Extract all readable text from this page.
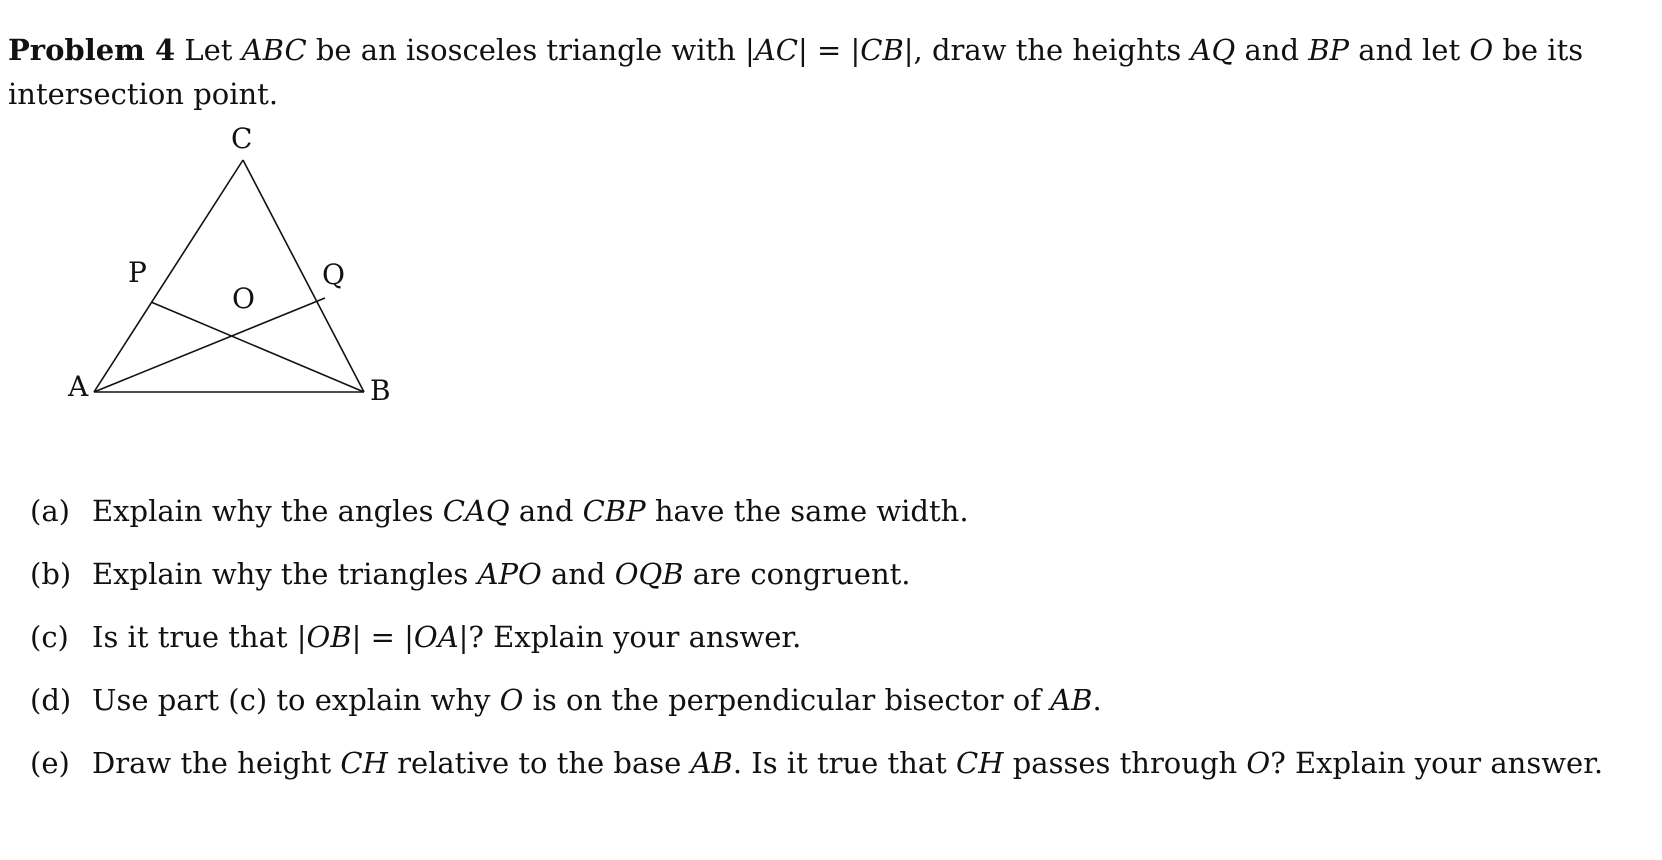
Problem 4 Let ABC be an isosceles triangle with |AC| = |CB|, draw the heights AQ and BP and let O be its intersection point.

C
P	Q
O
A	B
(a) Explain why the angles CAQ and CBP have the same width.
(b) Explain why the triangles APO and OQB are congruent.
(c) Is it true that |OB| = |OA|? Explain your answer.
(d) Use part (c) to explain why O is on the perpendicular bisector of AB.
(e) Draw the height CH relative to the base AB. Is it true that CH passes through O? Explain your answer.
